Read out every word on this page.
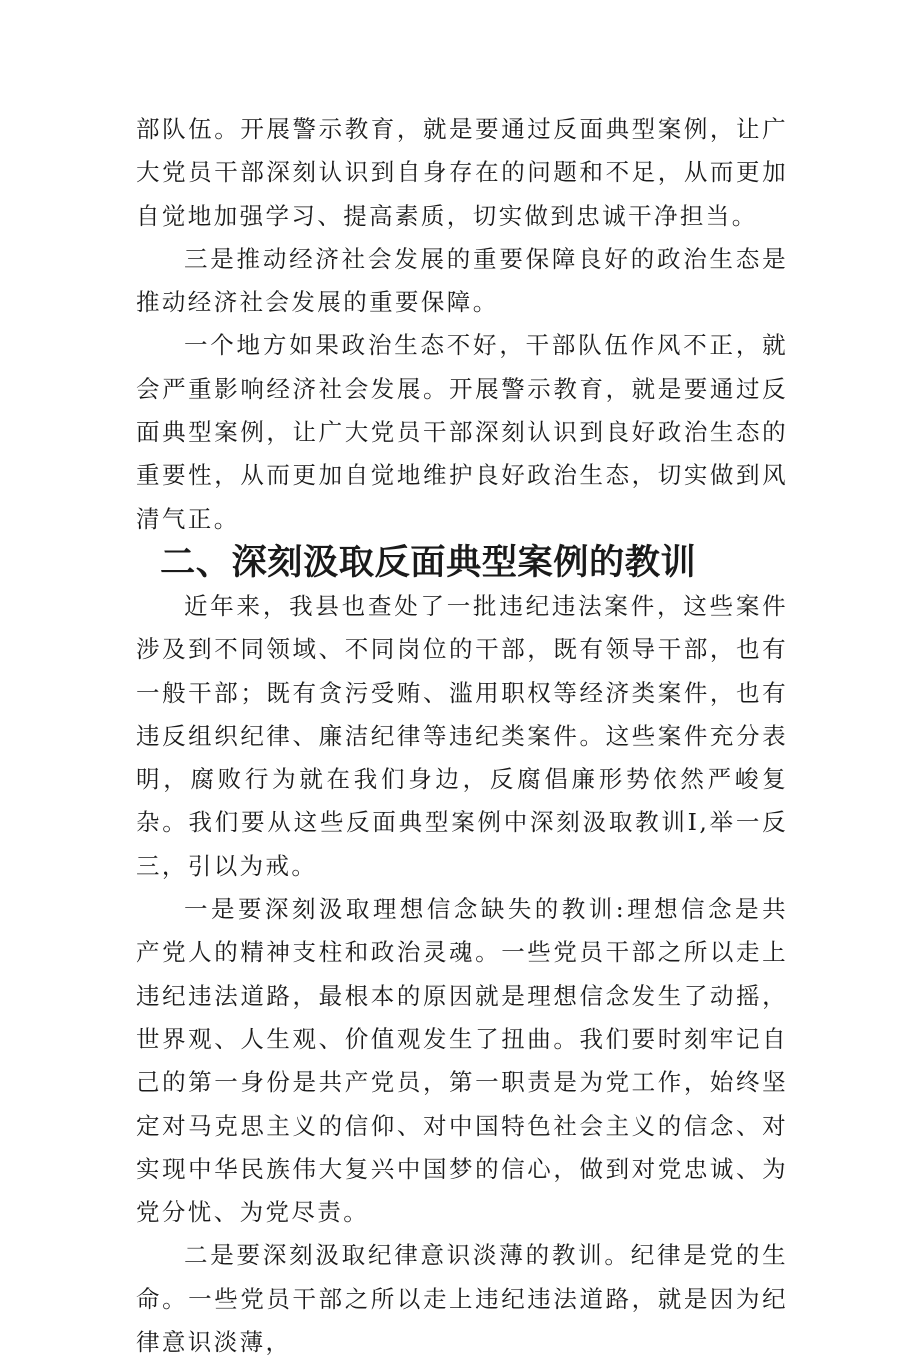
部队伍。开展警示教育，就是要通过反面典型案例，让广大党员干部深刻认识到自身存在的问题和不足，从而更加自觉地加强学习、提高素质，切实做到忠诚干净担当。

三是推动经济社会发展的重要保障良好的政治生态是推动经济社会发展的重要保障。

一个地方如果政治生态不好，干部队伍作风不正，就会严重影响经济社会发展。开展警示教育，就是要通过反面典型案例，让广大党员干部深刻认识到良好政治生态的重要性，从而更加自觉地维护良好政治生态，切实做到风清气正。

二、深刻汲取反面典型案例的教训

近年来，我县也查处了一批违纪违法案件，这些案件涉及到不同领域、不同岗位的干部，既有领导干部，也有一般干部；既有贪污受贿、滥用职权等经济类案件，也有违反组织纪律、廉洁纪律等违纪类案件。这些案件充分表明，腐败行为就在我们身边，反腐倡廉形势依然严峻复杂。我们要从这些反面典型案例中深刻汲取教训I,举一反三，引以为戒。

一是要深刻汲取理想信念缺失的教训:理想信念是共产党人的精神支柱和政治灵魂。一些党员干部之所以走上违纪违法道路，最根本的原因就是理想信念发生了动摇，世界观、人生观、价值观发生了扭曲。我们要时刻牢记自己的第一身份是共产党员，第一职责是为党工作，始终坚定对马克思主义的信仰、对中国特色社会主义的信念、对实现中华民族伟大复兴中国梦的信心，做到对党忠诚、为党分忧、为党尽责。

二是要深刻汲取纪律意识淡薄的教训。纪律是党的生命。一些党员干部之所以走上违纪违法道路，就是因为纪律意识淡薄，
